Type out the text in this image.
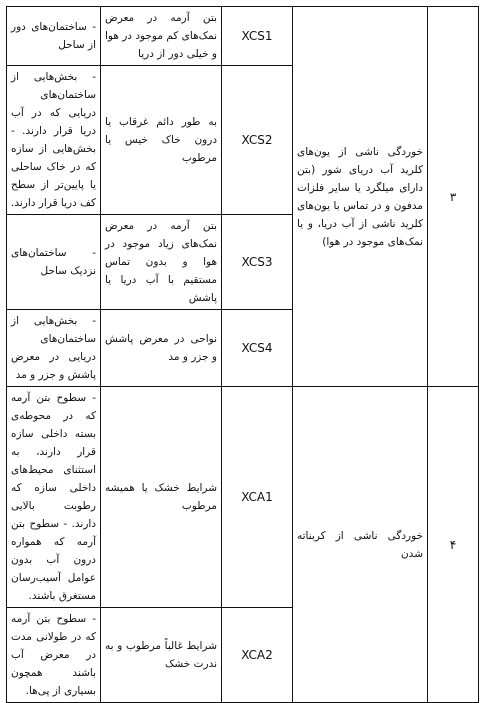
۳	خوردگی ناشی از یون‌های کلرید آب دریای شور (بتن دارای میلگرد یا سایر فلزات مدفون و در تماس با یون‌های کلرید ناشی از آب دریا، و یا نمک‌های موجود در هوا)	XCS1	بتن آرمه در معرض نمک‌های کم موجود در هوا و خیلی دور از دریا	- ساختمان‌های دور از ساحل
		XCS2	به طور دائم غرقاب یا درون خاک خیس یا مرطوب	- بخش‌هایی از ساختمان‌های دریایی که در آب دریا قرار دارند. - بخش‌هایی از سازه که در خاک ساحلی یا پایین‌تر از سطح کف دریا قرار دارند.
		XCS3	بتن آرمه در معرض نمک‌های زیاد موجود در هوا و بدون تماس مستقیم با آب دریا یا پاشش	- ساختمان‌های نزدیک ساحل
		XCS4	نواحی در معرض پاشش و جزر و مد	- بخش‌هایی از ساختمان‌های دریایی در معرض پاشش و جزر و مد
۴	خوردگی ناشی از کربناته شدن	XCA1	شرایط خشک یا همیشه مرطوب	- سطوح بتن آرمه که در محوطه‌ی بسته داخلی سازه قرار دارند، به استثنای محیط‌های داخلی سازه که رطوبت بالایی دارند. - سطوح بتن آرمه که همواره درون آب بدون عوامل آسیب‌رسان مستغرق باشند.
		XCA2	شرایط غالباً مرطوب و به ندرت خشک	- سطوح بتن آرمه که در طولانی مدت در معرض آب باشند همچون بسیاری از پی‌ها.
